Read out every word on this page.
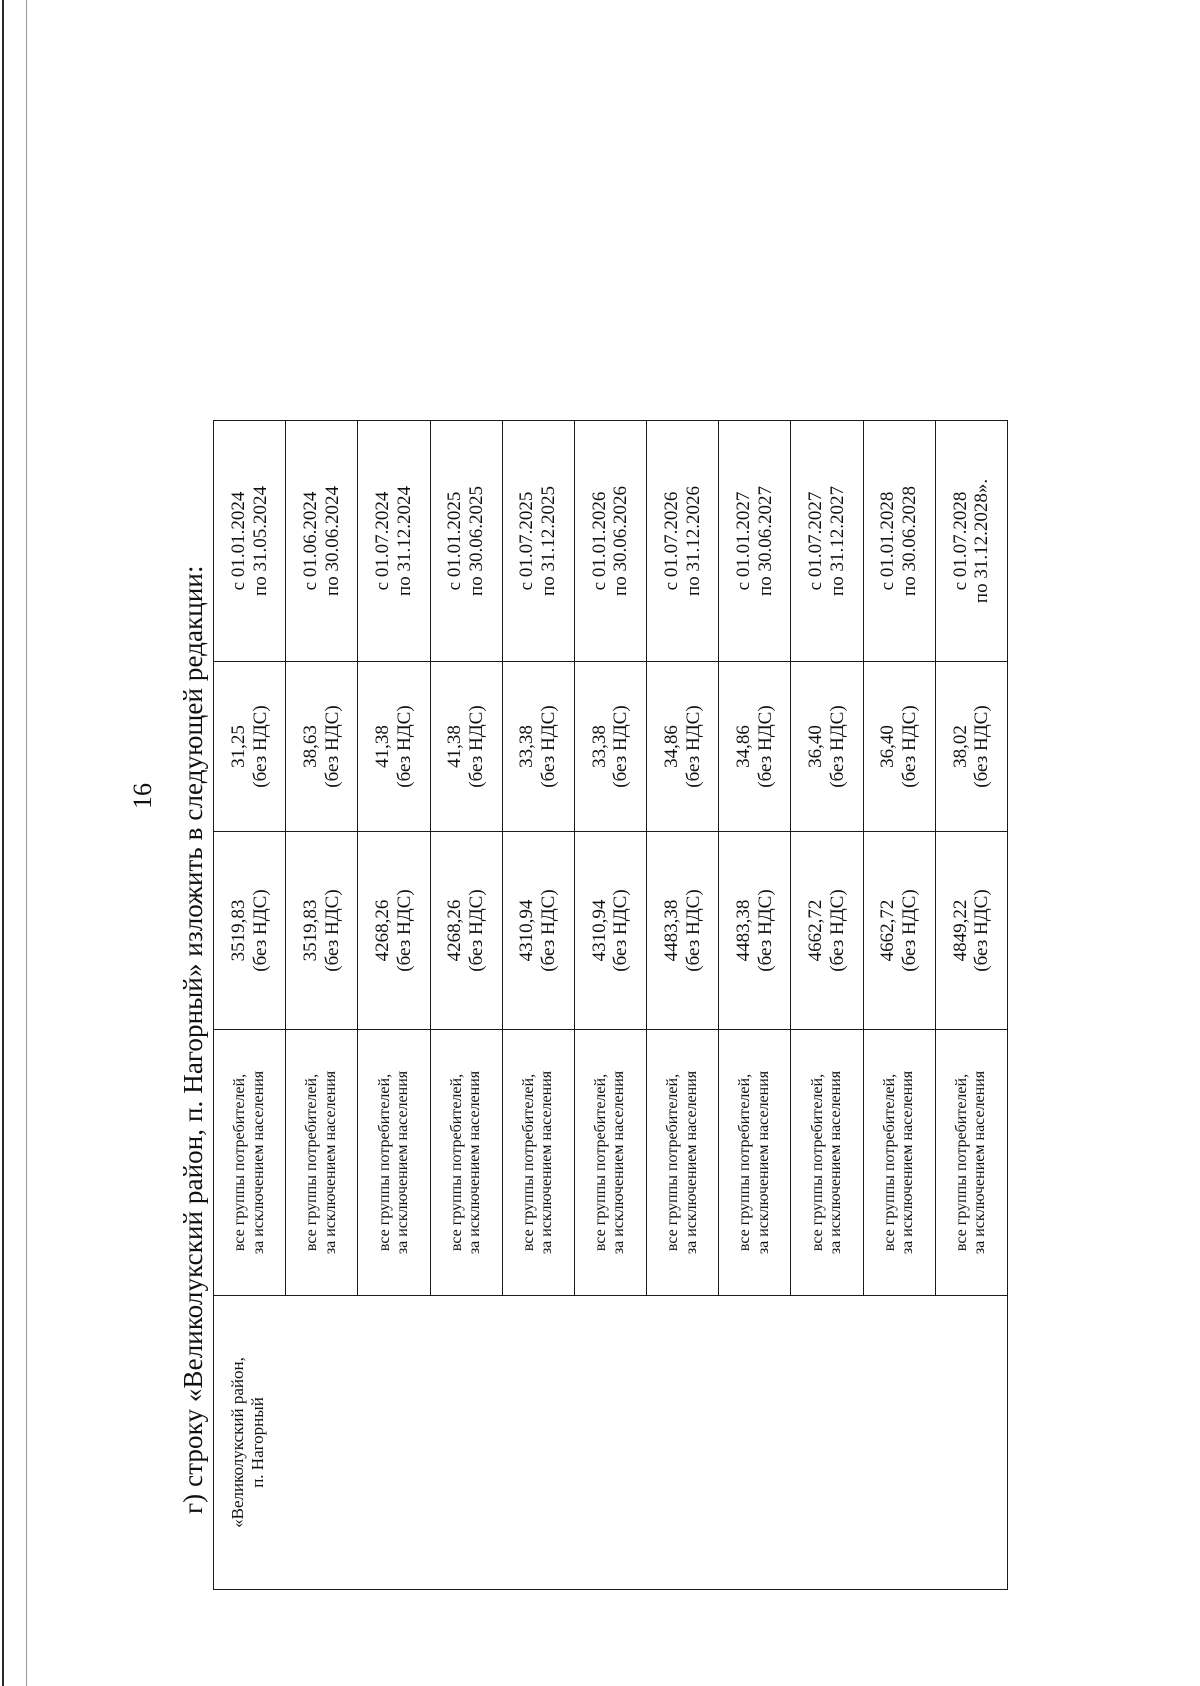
16 г) строку «Великолукский район, п. Нагорный» изложить в следующей редакции: «Великолукский район, п. Нагорный	все группы потребителей, за исключением населения	3519,83 (без НДС)	31,25 (без НДС)	с 01.01.2024 по 31.05.2024

	все группы потребителей, за исключением населения	3519,83 (без НДС)	38,63 (без НДС)	с 01.06.2024 по 30.06.2024

	все группы потребителей, за исключением населения	4268,26 (без НДС)	41,38 (без НДС)	с 01.07.2024 по 31.12.2024

	все группы потребителей, за исключением населения	4268,26 (без НДС)	41,38 (без НДС)	с 01.01.2025 по 30.06.2025

	все группы потребителей, за исключением населения	4310,94 (без НДС)	33,38 (без НДС)	с 01.07.2025 по 31.12.2025

	все группы потребителей, за исключением населения	4310,94 (без НДС)	33,38 (без НДС)	с 01.01.2026 по 30.06.2026

	все группы потребителей, за исключением населения	4483,38 (без НДС)	34,86 (без НДС)	с 01.07.2026 по 31.12.2026

	все группы потребителей, за исключением населения	4483,38 (без НДС)	34,86 (без НДС)	с 01.01.2027 по 30.06.2027

	все группы потребителей, за исключением населения	4662,72 (без НДС)	36,40 (без НДС)	с 01.07.2027 по 31.12.2027

	все группы потребителей, за исключением населения	4662,72 (без НДС)	36,40 (без НДС)	с 01.01.2028 по 30.06.2028

	все группы потребителей, за исключением населения	4849,22 (без НДС)	38,02 (без НДС)	с 01.07.2028 по 31.12.2028».
